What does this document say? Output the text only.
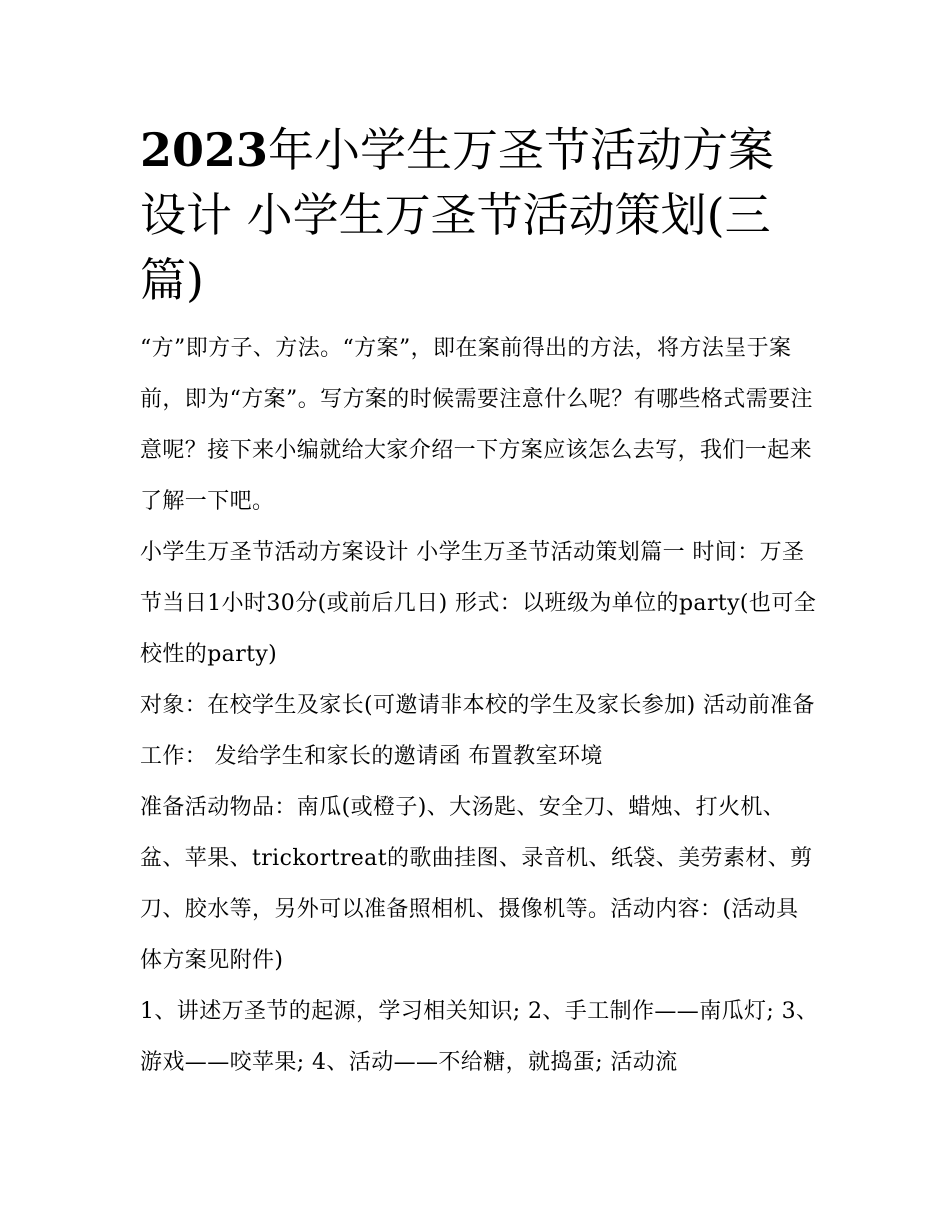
2023年小学生万圣节活动方案设计 小学生万圣节活动策划(三篇)

“方”即方子、方法。“方案”，即在案前得出的方法，将方法呈于案前，即为“方案”。写方案的时候需要注意什么呢？有哪些格式需要注意呢？接下来小编就给大家介绍一下方案应该怎么去写，我们一起来了解一下吧。

小学生万圣节活动方案设计 小学生万圣节活动策划篇一 时间：万圣节当日1小时30分(或前后几日) 形式：以班级为单位的party(也可全校性的party)

对象：在校学生及家长(可邀请非本校的学生及家长参加) 活动前准备工作： 发给学生和家长的邀请函 布置教室环境

准备活动物品：南瓜(或橙子)、大汤匙、安全刀、蜡烛、打火机、盆、苹果、trickortreat的歌曲挂图、录音机、纸袋、美劳素材、剪刀、胶水等，另外可以准备照相机、摄像机等。活动内容：(活动具体方案见附件)

1、讲述万圣节的起源，学习相关知识; 2、手工制作——南瓜灯; 3、游戏——咬苹果; 4、活动——不给糖，就捣蛋; 活动流
